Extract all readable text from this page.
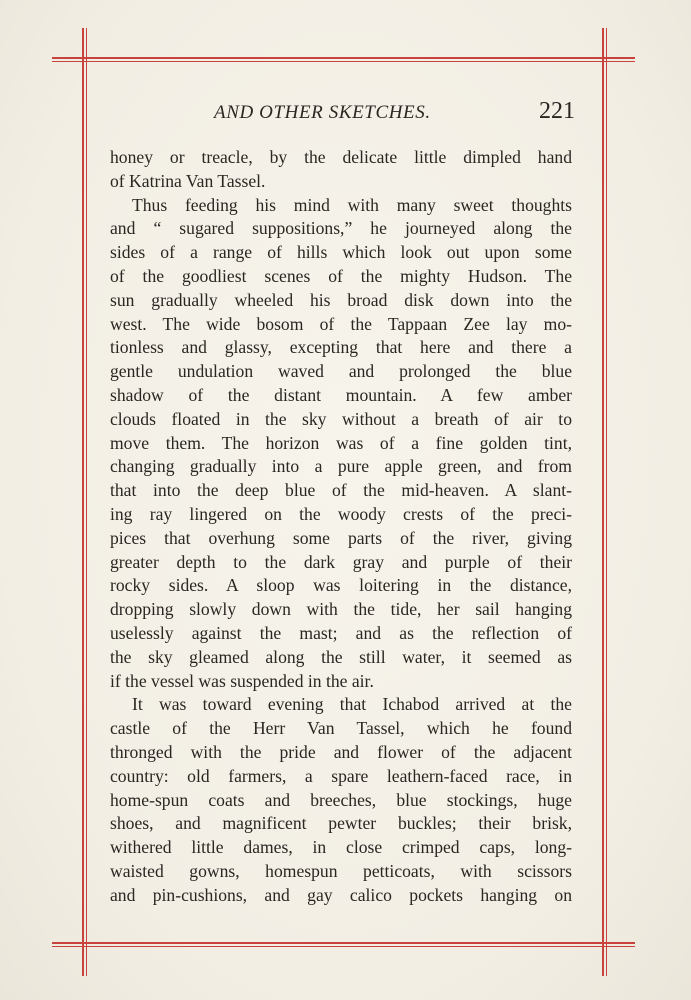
AND OTHER SKETCHES.	221
honey or treacle, by the delicate little dimpled hand
of Katrina Van Tassel.
Thus feeding his mind with many sweet thoughts
and “ sugared suppositions,” he journeyed along the
sides of a range of hills which look out upon some
of the goodliest scenes of the mighty Hudson. The
sun gradually wheeled his broad disk down into the
west. The wide bosom of the Tappaan Zee lay mo-
tionless and glassy, excepting that here and there a
gentle undulation waved and prolonged the blue
shadow of the distant mountain. A few amber
clouds floated in the sky without a breath of air to
move them. The horizon was of a fine golden tint,
changing gradually into a pure apple green, and from
that into the deep blue of the mid-heaven. A slant-
ing ray lingered on the woody crests of the preci-
pices that overhung some parts of the river, giving
greater depth to the dark gray and purple of their
rocky sides. A sloop was loitering in the distance,
dropping slowly down with the tide, her sail hanging
uselessly against the mast; and as the reflection of
the sky gleamed along the still water, it seemed as
if the vessel was suspended in the air.
It was toward evening that Ichabod arrived at the
castle of the Herr Van Tassel, which he found
thronged with the pride and flower of the adjacent
country: old farmers, a spare leathern-faced race, in
home-spun coats and breeches, blue stockings, huge
shoes, and magnificent pewter buckles; their brisk,
withered little dames, in close crimped caps, long-
waisted gowns, homespun petticoats, with scissors
and pin-cushions, and gay calico pockets hanging on
